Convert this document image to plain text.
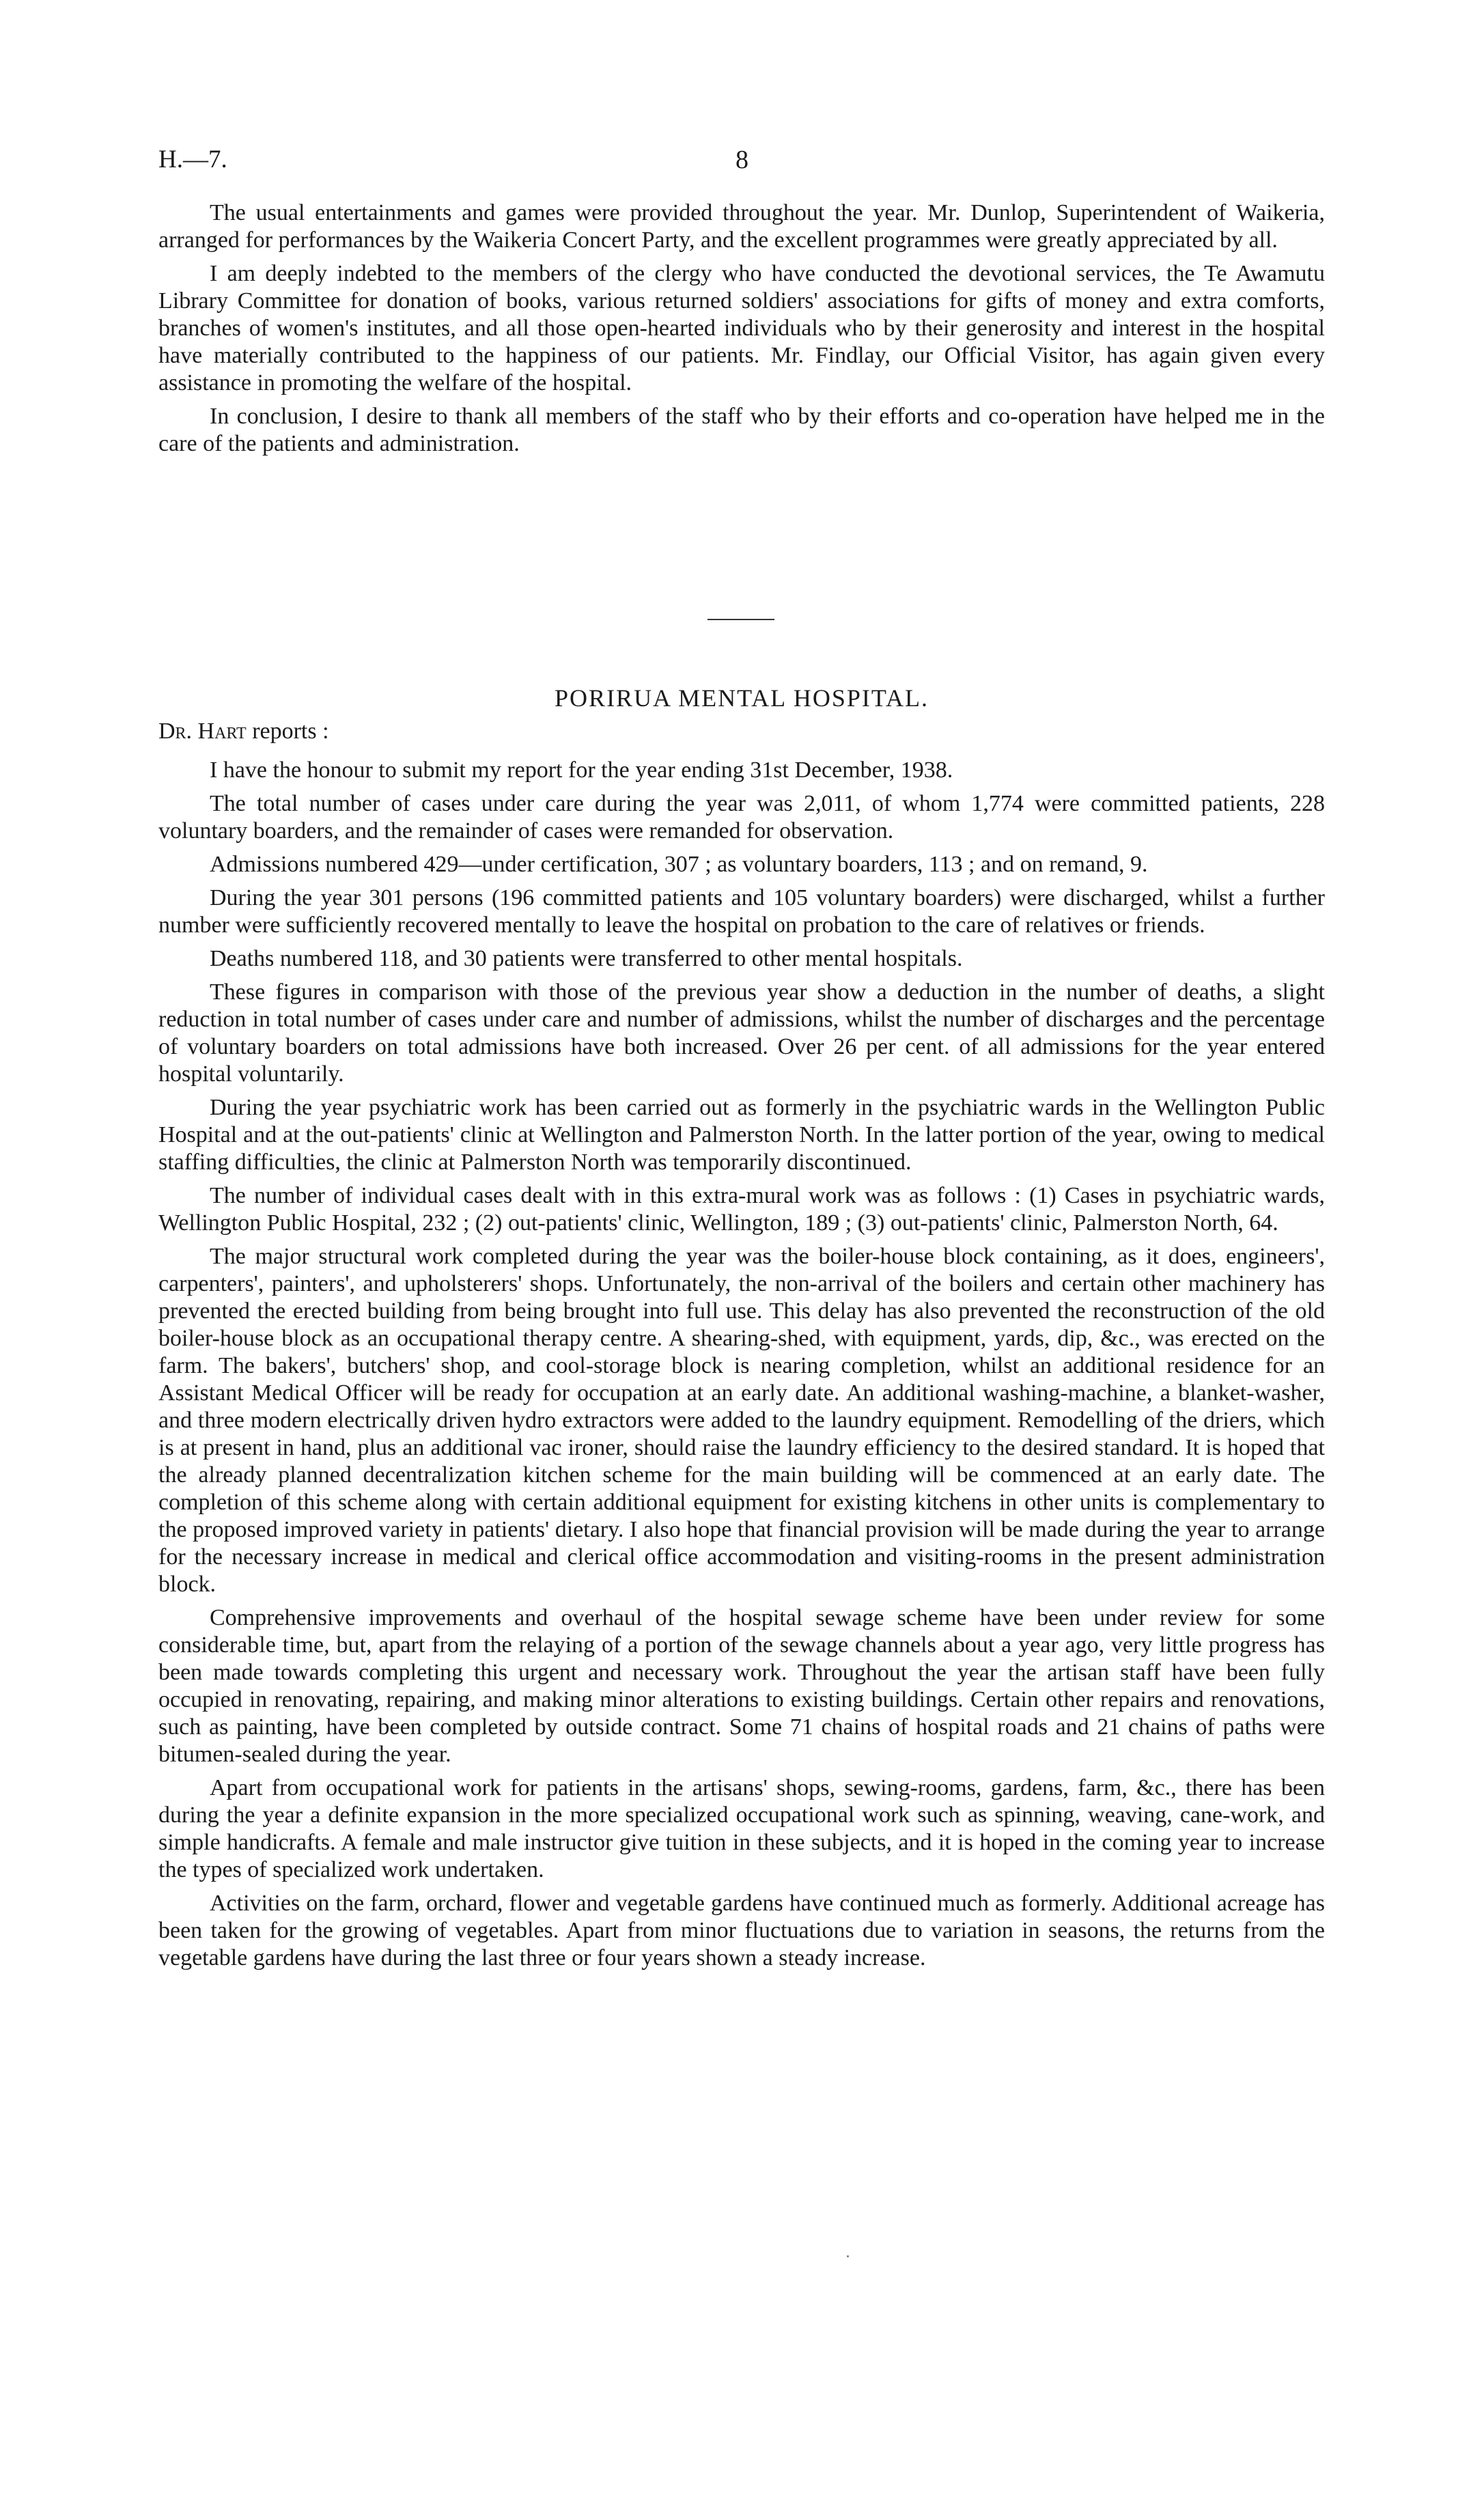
H.—7.	8

The usual entertainments and games were provided throughout the year. Mr. Dunlop, Superintendent of Waikeria, arranged for performances by the Waikeria Concert Party, and the excellent programmes were greatly appreciated by all.

I am deeply indebted to the members of the clergy who have conducted the devotional services, the Te Awamutu Library Committee for donation of books, various returned soldiers' associations for gifts of money and extra comforts, branches of women's institutes, and all those open-hearted individuals who by their generosity and interest in the hospital have materially contributed to the happiness of our patients. Mr. Findlay, our Official Visitor, has again given every assistance in promoting the welfare of the hospital.

In conclusion, I desire to thank all members of the staff who by their efforts and co-operation have helped me in the care of the patients and administration.

PORIRUA MENTAL HOSPITAL.

Dr. Hart reports :

I have the honour to submit my report for the year ending 31st December, 1938.

The total number of cases under care during the year was 2,011, of whom 1,774 were committed patients, 228 voluntary boarders, and the remainder of cases were remanded for observation.

Admissions numbered 429—under certification, 307 ; as voluntary boarders, 113 ; and on remand, 9.

During the year 301 persons (196 committed patients and 105 voluntary boarders) were discharged, whilst a further number were sufficiently recovered mentally to leave the hospital on probation to the care of relatives or friends.

Deaths numbered 118, and 30 patients were transferred to other mental hospitals.

These figures in comparison with those of the previous year show a deduction in the number of deaths, a slight reduction in total number of cases under care and number of admissions, whilst the number of discharges and the percentage of voluntary boarders on total admissions have both increased. Over 26 per cent. of all admissions for the year entered hospital voluntarily.

During the year psychiatric work has been carried out as formerly in the psychiatric wards in the Wellington Public Hospital and at the out-patients' clinic at Wellington and Palmerston North. In the latter portion of the year, owing to medical staffing difficulties, the clinic at Palmerston North was temporarily discontinued.

The number of individual cases dealt with in this extra-mural work was as follows : (1) Cases in psychiatric wards, Wellington Public Hospital, 232 ; (2) out-patients' clinic, Wellington, 189 ; (3) out-patients' clinic, Palmerston North, 64.

The major structural work completed during the year was the boiler-house block containing, as it does, engineers', carpenters', painters', and upholsterers' shops. Unfortunately, the non-arrival of the boilers and certain other machinery has prevented the erected building from being brought into full use. This delay has also prevented the reconstruction of the old boiler-house block as an occupational therapy centre. A shearing-shed, with equipment, yards, dip, &c., was erected on the farm. The bakers', butchers' shop, and cool-storage block is nearing completion, whilst an additional residence for an Assistant Medical Officer will be ready for occupation at an early date. An additional washing-machine, a blanket-washer, and three modern electrically driven hydro extractors were added to the laundry equipment. Remodelling of the driers, which is at present in hand, plus an additional vac ironer, should raise the laundry efficiency to the desired standard. It is hoped that the already planned decentralization kitchen scheme for the main building will be commenced at an early date. The completion of this scheme along with certain additional equipment for existing kitchens in other units is complementary to the proposed improved variety in patients' dietary. I also hope that financial provision will be made during the year to arrange for the necessary increase in medical and clerical office accommodation and visiting-rooms in the present administration block.

Comprehensive improvements and overhaul of the hospital sewage scheme have been under review for some considerable time, but, apart from the relaying of a portion of the sewage channels about a year ago, very little progress has been made towards completing this urgent and necessary work. Throughout the year the artisan staff have been fully occupied in renovating, repairing, and making minor alterations to existing buildings. Certain other repairs and renovations, such as painting, have been completed by outside contract. Some 71 chains of hospital roads and 21 chains of paths were bitumen-sealed during the year.

Apart from occupational work for patients in the artisans' shops, sewing-rooms, gardens, farm, &c., there has been during the year a definite expansion in the more specialized occupational work such as spinning, weaving, cane-work, and simple handicrafts. A female and male instructor give tuition in these subjects, and it is hoped in the coming year to increase the types of specialized work undertaken.

Activities on the farm, orchard, flower and vegetable gardens have continued much as formerly. Additional acreage has been taken for the growing of vegetables. Apart from minor fluctuations due to variation in seasons, the returns from the vegetable gardens have during the last three or four years shown a steady increase.
